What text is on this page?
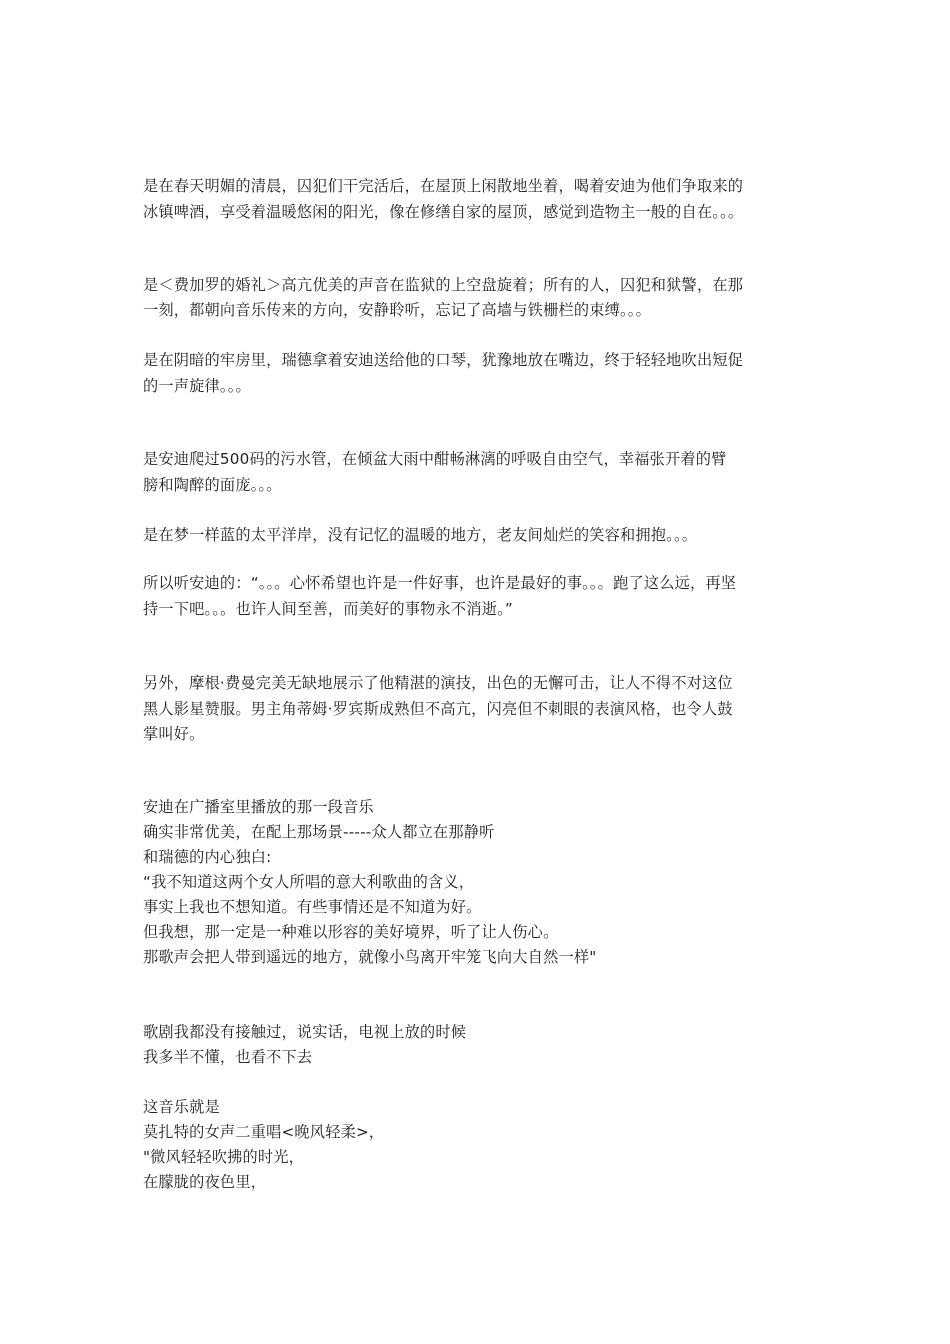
是在春天明媚的清晨，囚犯们干完活后，在屋顶上闲散地坐着，喝着安迪为他们争取来的
冰镇啤酒，享受着温暖悠闲的阳光，像在修缮自家的屋顶，感觉到造物主一般的自在。。。
是＜费加罗的婚礼＞高亢优美的声音在监狱的上空盘旋着；所有的人，囚犯和狱警，在那
一刻，都朝向音乐传来的方向，安静聆听，忘记了高墙与铁栅栏的束缚。。。
是在阴暗的牢房里，瑞德拿着安迪送给他的口琴，犹豫地放在嘴边，终于轻轻地吹出短促
的一声旋律。。。
是安迪爬过500码的污水管，在倾盆大雨中酣畅淋漓的呼吸自由空气，幸福张开着的臂
膀和陶醉的面庞。。。
是在梦一样蓝的太平洋岸，没有记忆的温暖的地方，老友间灿烂的笑容和拥抱。。。
所以听安迪的：“。。。心怀希望也许是一件好事，也许是最好的事。。。跑了这么远，再坚
持一下吧。。。也许人间至善，而美好的事物永不消逝。”
另外，摩根·费曼完美无缺地展示了他精湛的演技，出色的无懈可击，让人不得不对这位
黑人影星赞服。男主角蒂姆·罗宾斯成熟但不高亢，闪亮但不刺眼的表演风格，也令人鼓
掌叫好。
安迪在广播室里播放的那一段音乐
确实非常优美，在配上那场景-----众人都立在那静听
和瑞德的内心独白:
“我不知道这两个女人所唱的意大利歌曲的含义，
事实上我也不想知道。有些事情还是不知道为好。
但我想，那一定是一种难以形容的美好境界，听了让人伤心。
那歌声会把人带到遥远的地方，就像小鸟离开牢笼飞向大自然一样"
歌剧我都没有接触过，说实话，电视上放的时候
我多半不懂，也看不下去
这音乐就是
莫扎特的女声二重唱<晚风轻柔>，
"微风轻轻吹拂的时光，
在朦胧的夜色里，
